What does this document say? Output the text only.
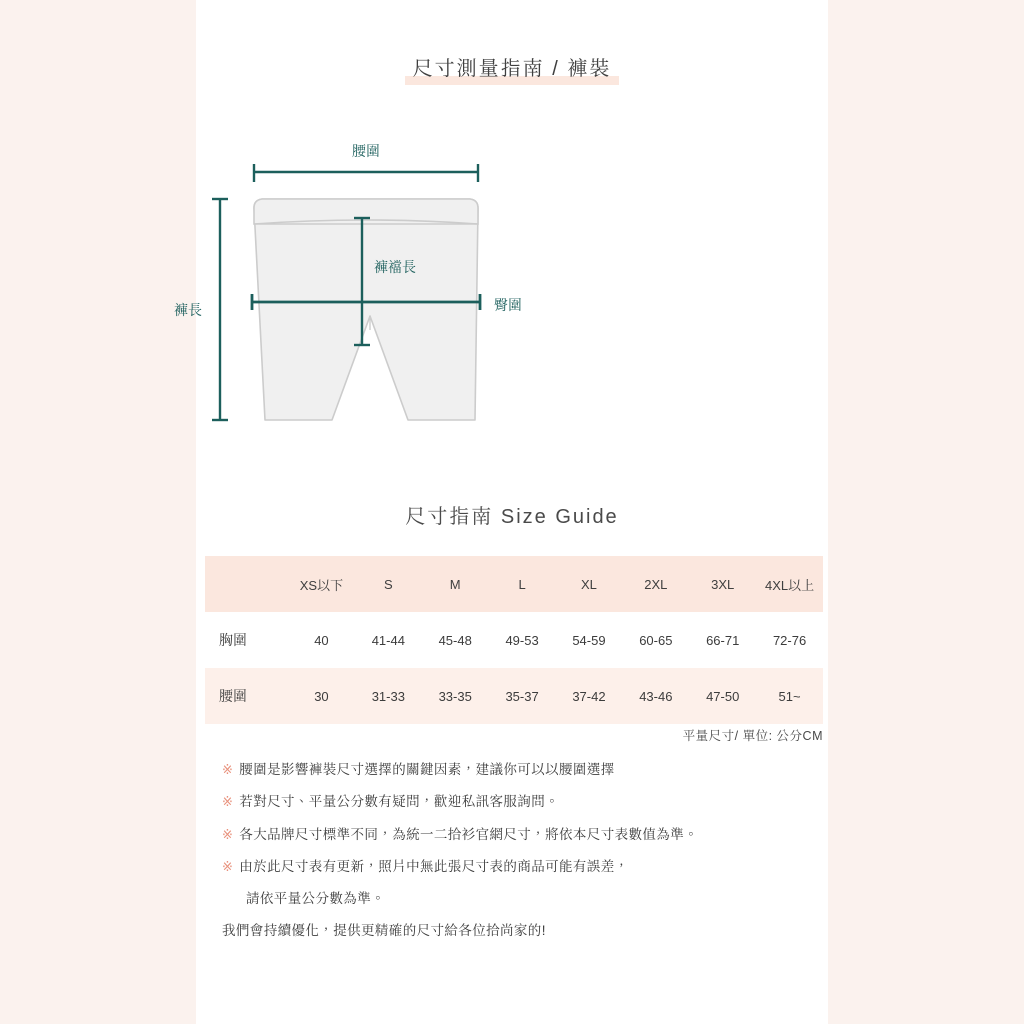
尺寸測量指南 / 褲裝
腰圍
褲長	臀圍
褲襠長
尺寸指南 Size Guide
	XS以下	S	M	L	XL	2XL	3XL	4XL以上
胸圍	40	41-44	45-48	49-53	54-59	60-65	66-71	72-76
腰圍	30	31-33	33-35	35-37	37-42	43-46	47-50	51~
平量尺寸/ 單位: 公分CM
※ 腰圍是影響褲裝尺寸選擇的關鍵因素，建議你可以以腰圍選擇
※ 若對尺寸、平量公分數有疑問，歡迎私訊客服詢問。
※ 各大品牌尺寸標準不同，為統一二拾衫官網尺寸，將依本尺寸表數值為準。
※ 由於此尺寸表有更新，照片中無此張尺寸表的商品可能有誤差，
請依平量公分數為準。
我們會持續優化，提供更精確的尺寸給各位拾尚家的!
